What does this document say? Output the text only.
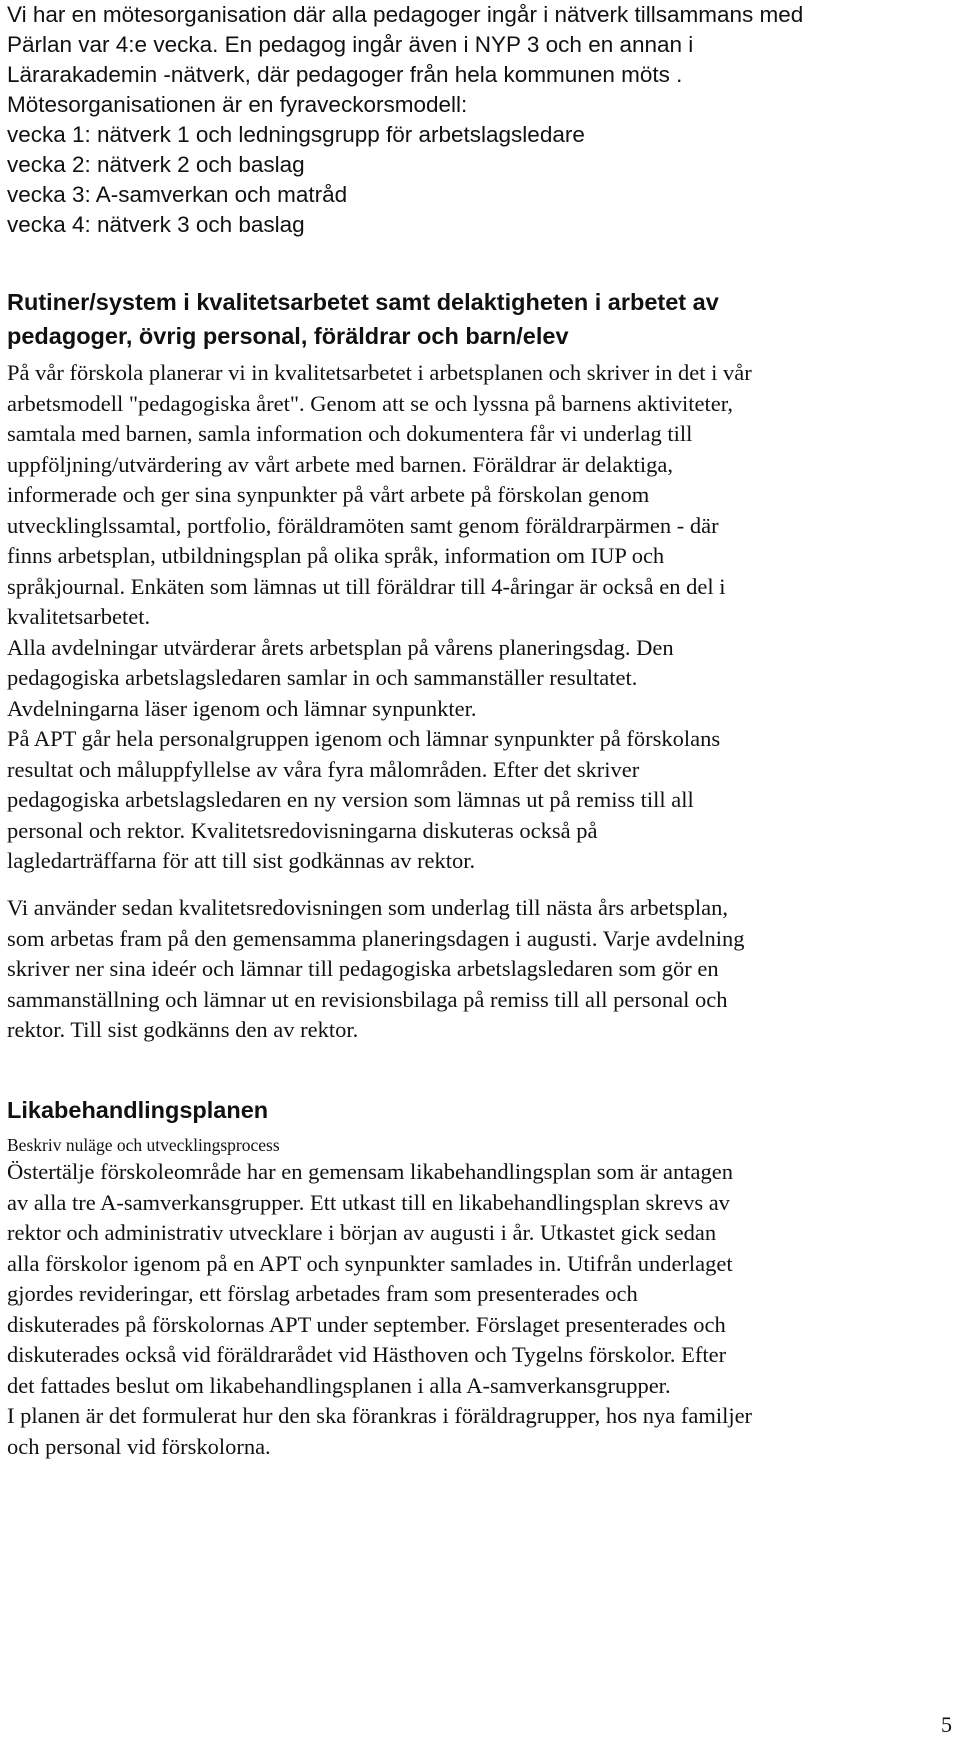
Vi har en mötesorganisation där alla pedagoger ingår i nätverk tillsammans med
Pärlan var 4:e vecka. En pedagog ingår även i NYP 3 och en annan i
Lärarakademin -nätverk, där pedagoger från hela kommunen möts .
Mötesorganisationen är en fyraveckorsmodell:
vecka 1: nätverk 1 och ledningsgrupp för arbetslagsledare
vecka 2: nätverk 2 och baslag
vecka 3: A-samverkan och matråd
vecka 4: nätverk 3 och baslag
Rutiner/system i kvalitetsarbetet samt delaktigheten i arbetet av
pedagoger, övrig personal, föräldrar och barn/elev
På vår förskola planerar vi in kvalitetsarbetet i arbetsplanen och skriver in det i vår
arbetsmodell "pedagogiska året". Genom att se och lyssna på barnens aktiviteter,
samtala med barnen, samla information och dokumentera får vi underlag till
uppföljning/utvärdering av vårt arbete med barnen. Föräldrar är delaktiga,
informerade och ger sina synpunkter på vårt arbete på förskolan genom
utvecklinglssamtal, portfolio, föräldramöten samt genom föräldrarpärmen - där
finns arbetsplan, utbildningsplan på olika språk, information om IUP och
språkjournal. Enkäten som lämnas ut till föräldrar till 4-åringar är också en del i
kvalitetsarbetet.
Alla avdelningar utvärderar årets arbetsplan på vårens planeringsdag. Den
pedagogiska arbetslagsledaren samlar in och sammanställer resultatet.
Avdelningarna läser igenom och lämnar synpunkter.
På APT går hela personalgruppen igenom och lämnar synpunkter på förskolans
resultat och måluppfyllelse av våra fyra målområden. Efter det skriver
pedagogiska arbetslagsledaren en ny version som lämnas ut på remiss till all
personal och rektor. Kvalitetsredovisningarna diskuteras också på
lagledarträffarna för att till sist godkännas av rektor.
Vi använder sedan kvalitetsredovisningen som underlag till nästa års arbetsplan,
som arbetas fram på den gemensamma planeringsdagen i augusti. Varje avdelning
skriver ner sina ideér och lämnar till pedagogiska arbetslagsledaren som gör en
sammanställning och lämnar ut en revisionsbilaga på remiss till all personal och
rektor. Till sist godkänns den av rektor.
Likabehandlingsplanen
Beskriv nuläge och utvecklingsprocess
Östertälje förskoleområde har en gemensam likabehandlingsplan som är antagen
av alla tre A-samverkansgrupper. Ett utkast till en likabehandlingsplan skrevs av
rektor och administrativ utvecklare i början av augusti i år. Utkastet gick sedan
alla förskolor igenom på en APT och synpunkter samlades in. Utifrån underlaget
gjordes revideringar, ett förslag arbetades fram som presenterades och
diskuterades på förskolornas APT under september. Förslaget presenterades och
diskuterades också vid föräldrarådet vid Hästhoven och Tygelns förskolor. Efter
det fattades beslut om likabehandlingsplanen i alla A-samverkansgrupper.
I planen är det formulerat hur den ska förankras i föräldragrupper, hos nya familjer
och personal vid förskolorna.
5
